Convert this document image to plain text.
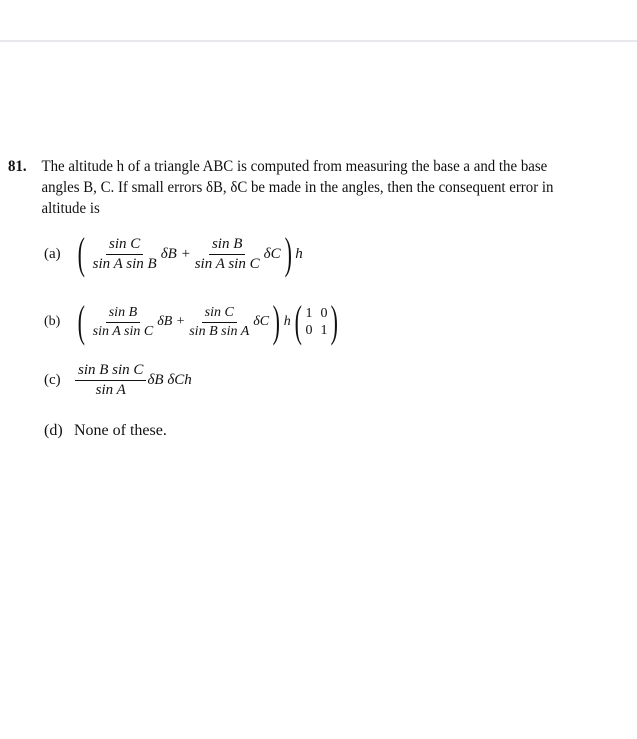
81. The altitude h of a triangle ABC is computed from measuring the base a and the base angles B, C. If small errors δB, δC be made in the angles, then the consequent error in altitude is
(a) ( $\frac{\text{sin C}}{\text{sin A sin B}}$ $\delta B + \frac{\text{sin B}}{\text{sin A sin C}}$ δC ) h
(b) ( $\frac{\text{sin B}}{\text{sin A sin C}}$ $\delta B + \frac{\text{sin C}}{\text{sin B sin A}}$ δC ) h ( 1 0
0 1 )
$(c) \frac{\text{sin B sin C}}{\text{sin A}}$ δB δCh
(d) None of these.
